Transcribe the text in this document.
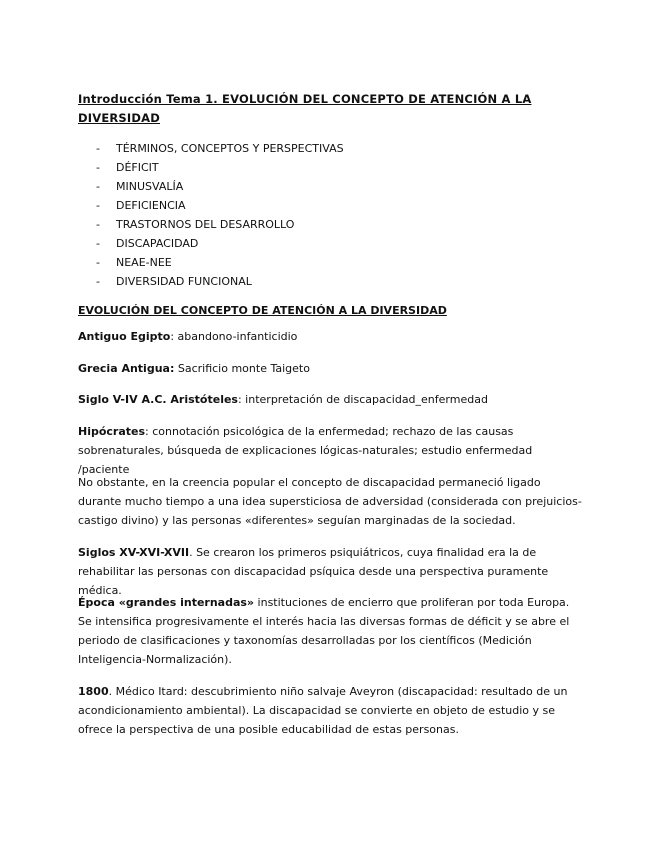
Introducción Tema 1. EVOLUCIÓN DEL CONCEPTO DE ATENCIÓN A LA DIVERSIDAD
- TÉRMINOS, CONCEPTOS Y PERSPECTIVAS
- DÉFICIT
- MINUSVALÍA
- DEFICIENCIA
- TRASTORNOS DEL DESARROLLO
- DISCAPACIDAD
- NEAE-NEE
- DIVERSIDAD FUNCIONAL
EVOLUCIÓN DEL CONCEPTO DE ATENCIÓN A LA DIVERSIDAD

Antiguo Egipto: abandono-infanticidio

Grecia Antigua: Sacrificio monte Taigeto

Siglo V-IV A.C. Aristóteles: interpretación de discapacidad_enfermedad

Hipócrates: connotación psicológica de la enfermedad; rechazo de las causas sobrenaturales, búsqueda de explicaciones lógicas-naturales; estudio enfermedad /paciente

No obstante, en la creencia popular el concepto de discapacidad permaneció ligado durante mucho tiempo a una idea supersticiosa de adversidad (considerada con prejuicios-castigo divino) y las personas «diferentes» seguían marginadas de la sociedad.

Siglos XV-XVI-XVII. Se crearon los primeros psiquiátricos, cuya finalidad era la de rehabilitar las personas con discapacidad psíquica desde una perspectiva puramente médica.

Época «grandes internadas» instituciones de encierro que proliferan por toda Europa. Se intensifica progresivamente el interés hacia las diversas formas de déficit y se abre el periodo de clasificaciones y taxonomías desarrolladas por los científicos (Medición Inteligencia-Normalización).

1800. Médico Itard: descubrimiento niño salvaje Aveyron (discapacidad: resultado de un acondicionamiento ambiental). La discapacidad se convierte en objeto de estudio y se ofrece la perspectiva de una posible educabilidad de estas personas.
